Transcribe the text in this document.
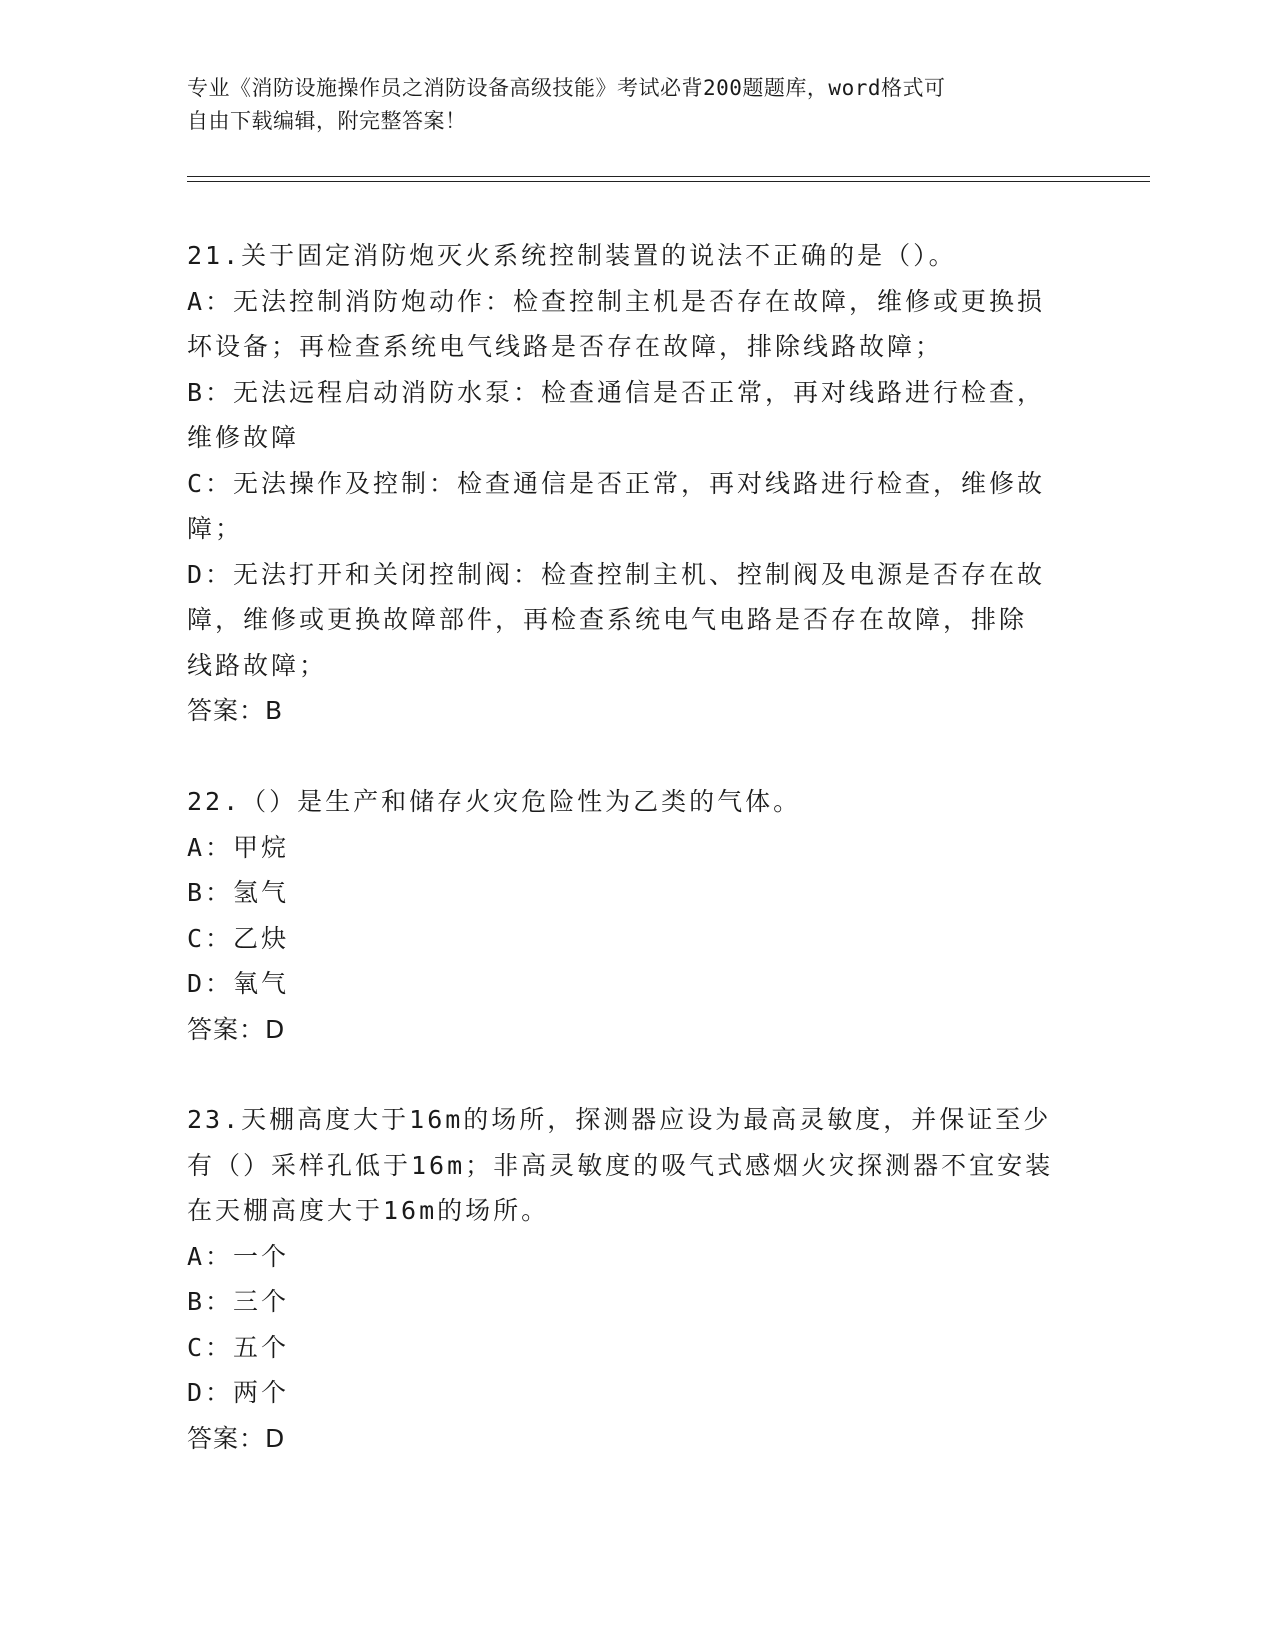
专业《消防设施操作员之消防设备高级技能》考试必背200题题库，word格式可
自由下载编辑，附完整答案！
21.关于固定消防炮灭火系统控制装置的说法不正确的是（）。
A：无法控制消防炮动作：检查控制主机是否存在故障，维修或更换损
坏设备；再检查系统电气线路是否存在故障，排除线路故障；
B：无法远程启动消防水泵：检查通信是否正常，再对线路进行检查，
维修故障
C：无法操作及控制：检查通信是否正常，再对线路进行检查，维修故
障；
D：无法打开和关闭控制阀：检查控制主机、控制阀及电源是否存在故
障，维修或更换故障部件，再检查系统电气电路是否存在故障，排除
线路故障；
答案：B
22.（）是生产和储存火灾危险性为乙类的气体。
A：甲烷
B：氢气
C：乙炔
D：氧气
答案：D
23.天棚高度大于16m的场所，探测器应设为最高灵敏度，并保证至少
有（）采样孔低于16m；非高灵敏度的吸气式感烟火灾探测器不宜安装
在天棚高度大于16m的场所。
A：一个
B：三个
C：五个
D：两个
答案：D
